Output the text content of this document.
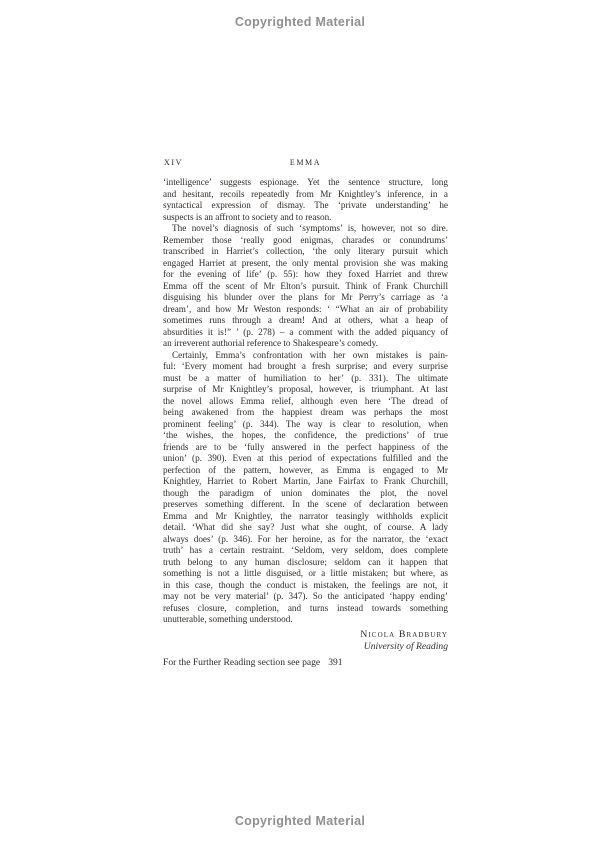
Copyrighted Material
XIV	EMMA
‘intelligence’ suggests espionage. Yet the sentence structure, long
and hesitant, recoils repeatedly from Mr Knightley’s inference, in a
syntactical expression of dismay. The ‘private understanding’ he
suspects is an affront to society and to reason.
The novel’s diagnosis of such ‘symptoms’ is, however, not so dire.
Remember those ‘really good enigmas, charades or conundrums’
transcribed in Harriet’s collection, ‘the only literary pursuit which
engaged Harriet at present, the only mental provision she was making
for the evening of life’ (p. 55): how they foxed Harriet and threw
Emma off the scent of Mr Elton’s pursuit. Think of Frank Churchill
disguising his blunder over the plans for Mr Perry’s carriage as ‘a
dream’, and how Mr Weston responds: ‘ “What an air of probability
sometimes runs through a dream! And at others, what a heap of
absurdities it is!” ’ (p. 278) – a comment with the added piquancy of
an irreverent authorial reference to Shakespeare’s comedy.
Certainly, Emma’s confrontation with her own mistakes is pain-
ful: ‘Every moment had brought a fresh surprise; and every surprise
must be a matter of humiliation to her’ (p. 331). The ultimate
surprise of Mr Knightley’s proposal, however, is triumphant. At last
the novel allows Emma relief, although even here ‘The dread of
being awakened from the happiest dream was perhaps the most
prominent feeling’ (p. 344). The way is clear to resolution, when
‘the wishes, the hopes, the confidence, the predictions’ of true
friends are to be ‘fully answered in the perfect happiness of the
union’ (p. 390). Even at this period of expectations fulfilled and the
perfection of the pattern, however, as Emma is engaged to Mr
Knightley, Harriet to Robert Martin, Jane Fairfax to Frank Churchill,
though the paradigm of union dominates the plot, the novel
preserves something different. In the scene of declaration between
Emma and Mr Knightley, the narrator teasingly withholds explicit
detail. ‘What did she say? Just what she ought, of course. A lady
always does’ (p. 346). For her heroine, as for the narrator, the ‘exact
truth’ has a certain restraint. ‘Seldom, very seldom, does complete
truth belong to any human disclosure; seldom can it happen that
something is not a little disguised, or a little mistaken; but where, as
in this case, though the conduct is mistaken, the feelings are not, it
may not be very material’ (p. 347). So the anticipated ‘happy ending’
refuses closure, completion, and turns instead towards something
unutterable, something understood.
Nicola Bradbury
University of Reading
For the Further Reading section see page 391
Copyrighted Material
